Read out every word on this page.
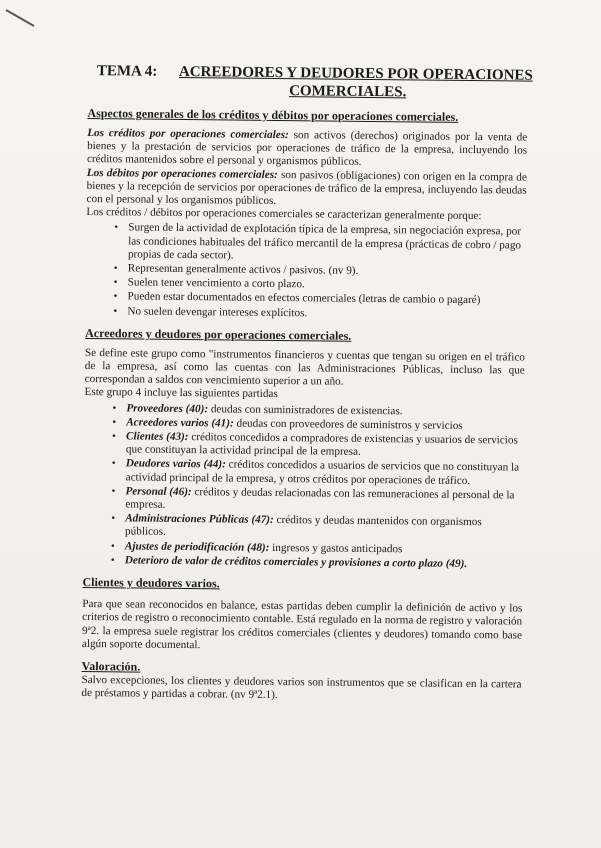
TEMA 4: ACREEDORES Y DEUDORES POR OPERACIONES
COMERCIALES.
Aspectos generales de los créditos y débitos por operaciones comerciales.

Los créditos por operaciones comerciales: son activos (derechos) originados por la venta de bienes y la prestación de servicios por operaciones de tráfico de la empresa, incluyendo los créditos mantenidos sobre el personal y organismos públicos.

Los débitos por operaciones comerciales: son pasivos (obligaciones) con origen en la compra de bienes y la recepción de servicios por operaciones de tráfico de la empresa, incluyendo las deudas con el personal y los organismos públicos.

Los créditos / débitos por operaciones comerciales se caracterizan generalmente porque:

• Surgen de la actividad de explotación típica de la empresa, sin negociación expresa, por las condiciones habituales del tráfico mercantil de la empresa (prácticas de cobro / pago propias de cada sector).
• Representan generalmente activos / pasivos. (nv 9).
• Suelen tener vencimiento a corto plazo.
• Pueden estar documentados en efectos comerciales (letras de cambio o pagaré)
• No suelen devengar intereses explícitos.
Acreedores y deudores por operaciones comerciales.

Se define este grupo como "instrumentos financieros y cuentas que tengan su origen en el tráfico de la empresa, así como las cuentas con las Administraciones Públicas, incluso las que correspondan a saldos con vencimiento superior a un año.

Este grupo 4 incluye las siguientes partidas

• Proveedores (40): deudas con suministradores de existencias.
• Acreedores varios (41): deudas con proveedores de suministros y servicios
• Clientes (43): créditos concedidos a compradores de existencias y usuarios de servicios que constituyan la actividad principal de la empresa.
• Deudores varios (44): créditos concedidos a usuarios de servicios que no constituyan la actividad principal de la empresa, y otros créditos por operaciones de tráfico.
• Personal (46): créditos y deudas relacionadas con las remuneraciones al personal de la empresa.
• Administraciones Públicas (47): créditos y deudas mantenidos con organismos públicos.
• Ajustes de periodificación (48): ingresos y gastos anticipados
• Deterioro de valor de créditos comerciales y provisiones a corto plazo (49).
Clientes y deudores varios.

Para que sean reconocidos en balance, estas partidas deben cumplir la definición de activo y los criterios de registro o reconocimiento contable. Está regulado en la norma de registro y valoración 9ª2. la empresa suele registrar los créditos comerciales (clientes y deudores) tomando como base algún soporte documental.

Valoración.

Salvo excepciones, los clientes y deudores varios son instrumentos que se clasifican en la cartera de préstamos y partidas a cobrar. (nv 9ª2.1).
